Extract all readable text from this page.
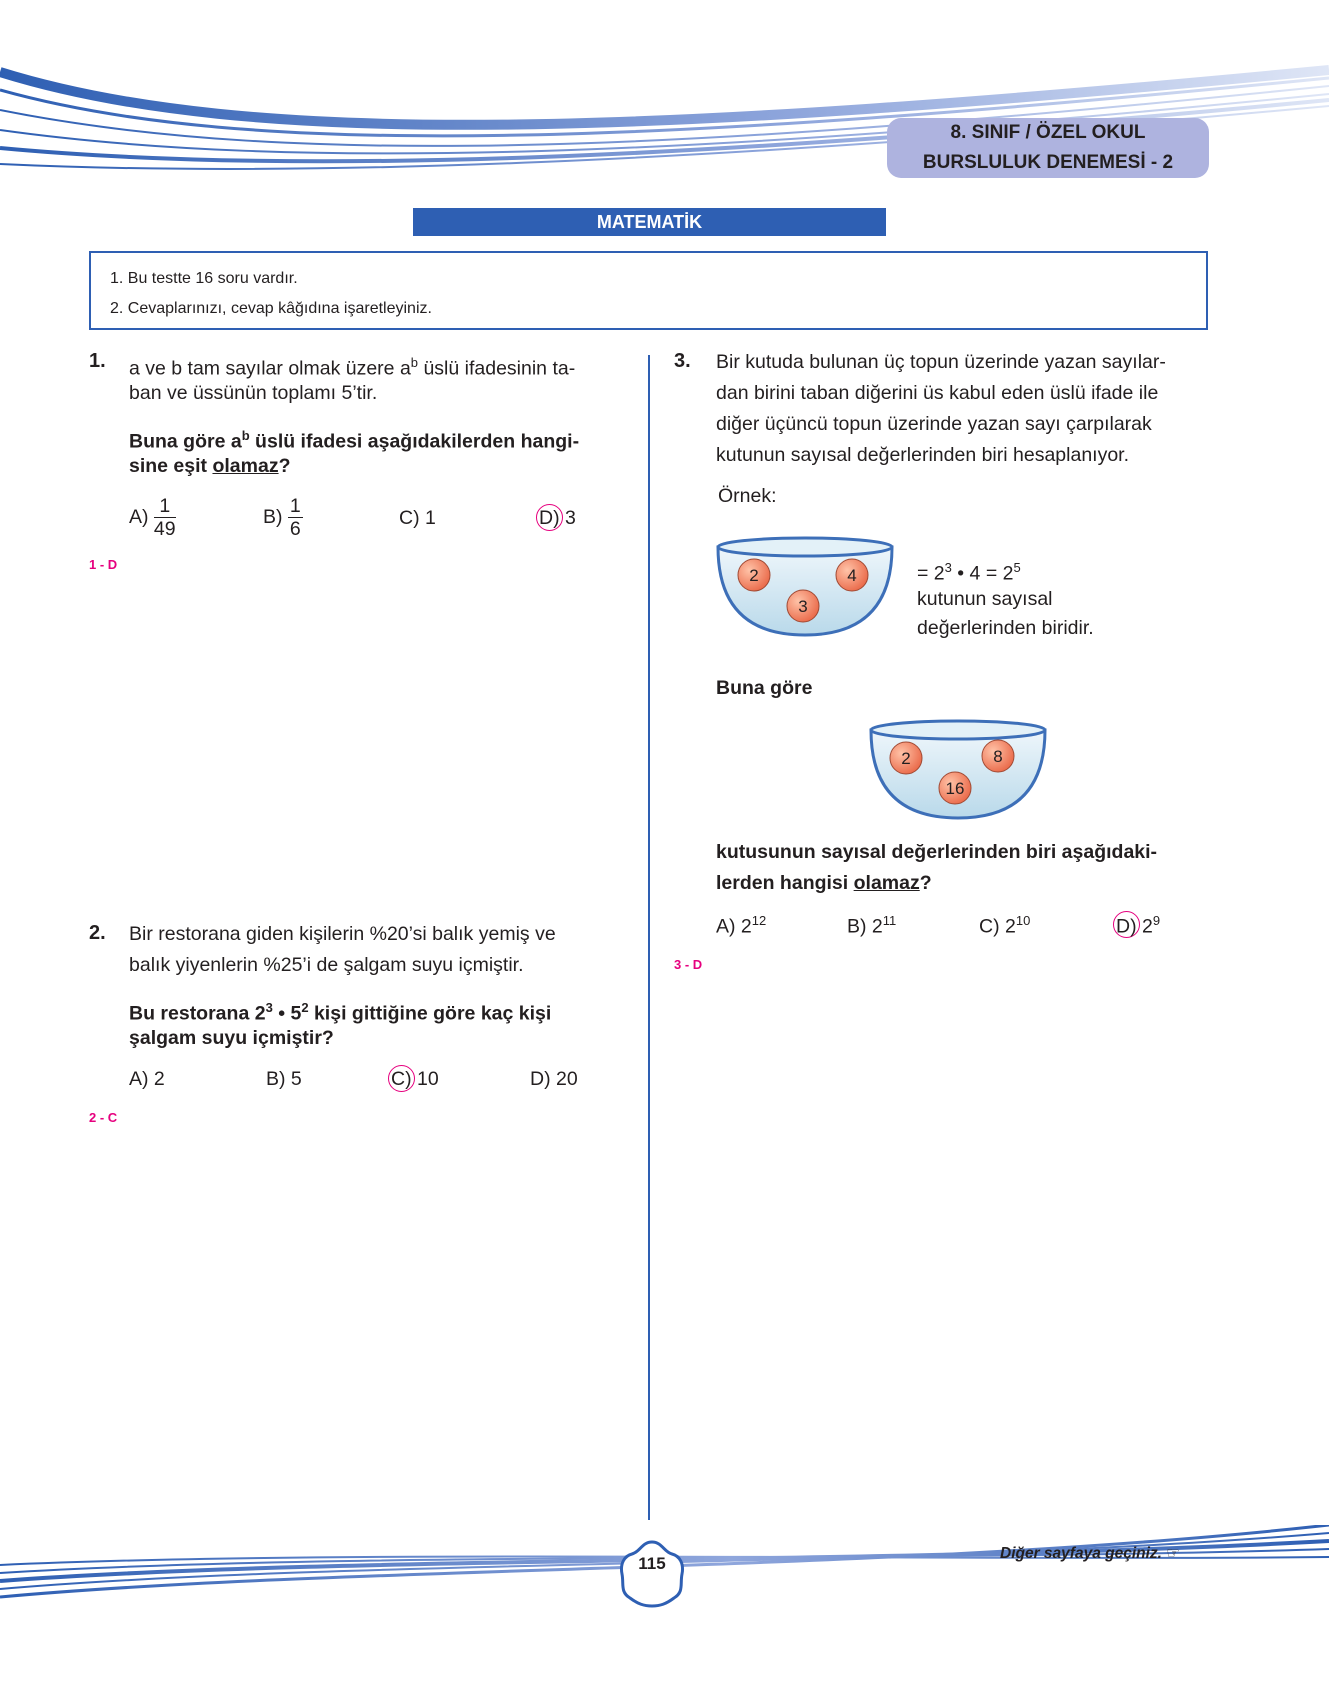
8. SINIF / ÖZEL OKUL
BURSLULUK DENEMESİ - 2
MATEMATİK
1. Bu testte 16 soru vardır.
2. Cevaplarınızı, cevap kâğıdına işaretleyiniz.
1. a ve b tam sayılar olmak üzere $a^b$ üslü ifadesinin ta-
ban ve üssünün toplamı 5’tir.
Buna göre $a^b$ üslü ifadesi aşağıdakilerden hangi-
sine eşit olamaz?
$A) \frac{1}{49}$	$B) \frac{1}{6}$	C) 1	D) 3
1 - D
2. Bir restorana giden kişilerin %20’si balık yemiş ve
balık yiyenlerin %25’i de şalgam suyu içmiştir.
Bu restorana $2^3$ • $5^2$ kişi gittiğine göre kaç kişi
şalgam suyu içmiştir?
A) 2	B) 5	C) 10	D) 20
2 - C
3. Bir kutuda bulunan üç topun üzerinde yazan sayılar-
dan birini taban diğerini üs kabul eden üslü ifade ile
diğer üçüncü topun üzerinde yazan sayı çarpılarak
kutunun sayısal değerlerinden biri hesaplanıyor.
Örnek:
2	4
3
= $2^3$ • $4 = 2^5$
kutunun sayısal
değerlerinden biridir.
Buna göre
2	8
16
kutusunun sayısal değerlerinden biri aşağıdaki-
lerden hangisi olamaz?
A) $2^{12}$	B) $2^{11}$	C) $2^{10}$	D) $2^9$
3 - D
115
Diğer sayfaya geçiniz. ☞
